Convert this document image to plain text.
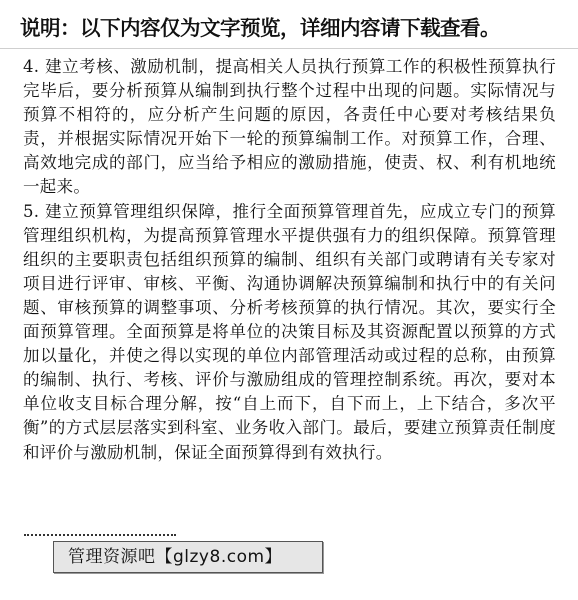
说明：以下内容仅为文字预览，详细内容请下载查看。

4. 建立考核、激励机制，提高相关人员执行预算工作的积极性预算执行完毕后，要分析预算从编制到执行整个过程中出现的问题。实际情况与预算不相符的，应分析产生问题的原因，各责任中心要对考核结果负责，并根据实际情况开始下一轮的预算编制工作。对预算工作，合理、高效地完成的部门，应当给予相应的激励措施，使责、权、利有机地统一起来。

5. 建立预算管理组织保障，推行全面预算管理首先，应成立专门的预算管理组织机构，为提高预算管理水平提供强有力的组织保障。预算管理组织的主要职责包括组织预算的编制、组织有关部门或聘请有关专家对项目进行评审、审核、平衡、沟通协调解决预算编制和执行中的有关问题、审核预算的调整事项、分析考核预算的执行情况。其次，要实行全面预算管理。全面预算是将单位的决策目标及其资源配置以预算的方式加以量化，并使之得以实现的单位内部管理活动或过程的总称，由预算的编制、执行、考核、评价与激励组成的管理控制系统。再次，要对本单位收支目标合理分解，按“自上而下，自下而上，上下结合，多次平衡”的方式层层落实到科室、业务收入部门。最后，要建立预算责任制度和评价与激励机制，保证全面预算得到有效执行。

管理资源吧【glzy8.com】
